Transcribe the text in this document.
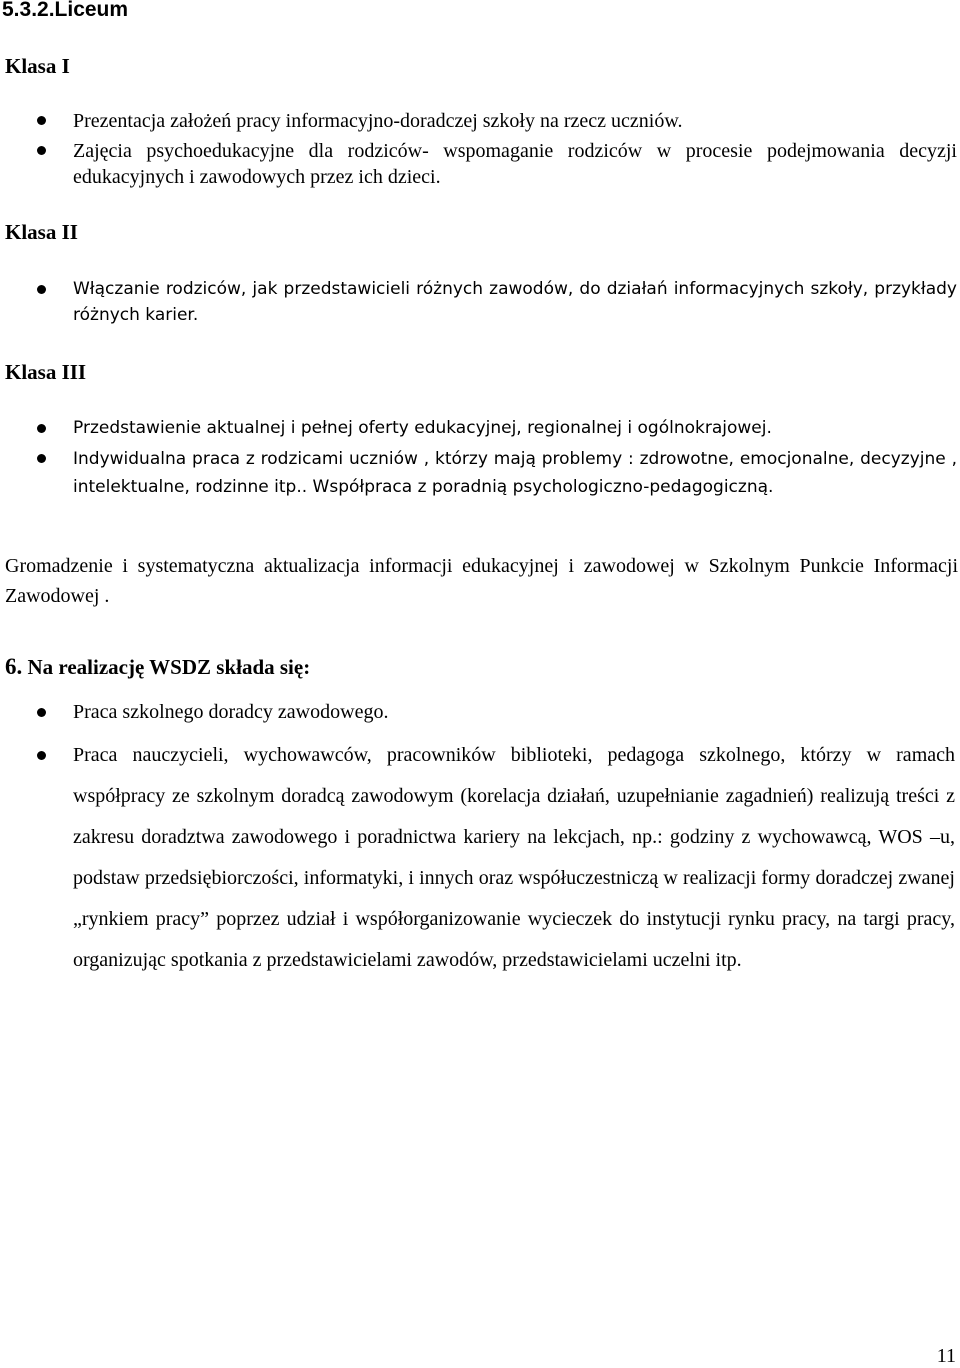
5.3.2.Liceum
Klasa I
Prezentacja założeń pracy informacyjno-doradczej szkoły na rzecz uczniów.
Zajęcia psychoedukacyjne dla rodziców- wspomaganie rodziców w procesie podejmowania decyzji edukacyjnych i zawodowych przez ich dzieci.
Klasa II
Włączanie rodziców, jak przedstawicieli różnych zawodów, do działań informacyjnych szkoły, przykłady różnych karier.
Klasa III
Przedstawienie aktualnej i pełnej oferty edukacyjnej, regionalnej i ogólnokrajowej.
Indywidualna praca z rodzicami uczniów , którzy mają problemy : zdrowotne, emocjonalne, decyzyjne , intelektualne, rodzinne itp.. Współpraca z poradnią psychologiczno-pedagogiczną.
Gromadzenie i systematyczna aktualizacja informacji edukacyjnej i zawodowej w Szkolnym Punkcie Informacji Zawodowej .
6. Na realizację WSDZ składa się:
Praca szkolnego doradcy zawodowego.
Praca nauczycieli, wychowawców, pracowników biblioteki, pedagoga szkolnego, którzy w ramach współpracy ze szkolnym doradcą zawodowym (korelacja działań, uzupełnianie zagadnień) realizują treści z zakresu doradztwa zawodowego i poradnictwa kariery na lekcjach, np.: godziny z wychowawcą, WOS –u, podstaw przedsiębiorczości, informatyki, i innych oraz współuczestniczą w realizacji formy doradczej zwanej „rynkiem pracy” poprzez udział i współorganizowanie wycieczek do instytucji rynku pracy, na targi pracy, organizując spotkania z przedstawicielami zawodów, przedstawicielami uczelni itp.
11
